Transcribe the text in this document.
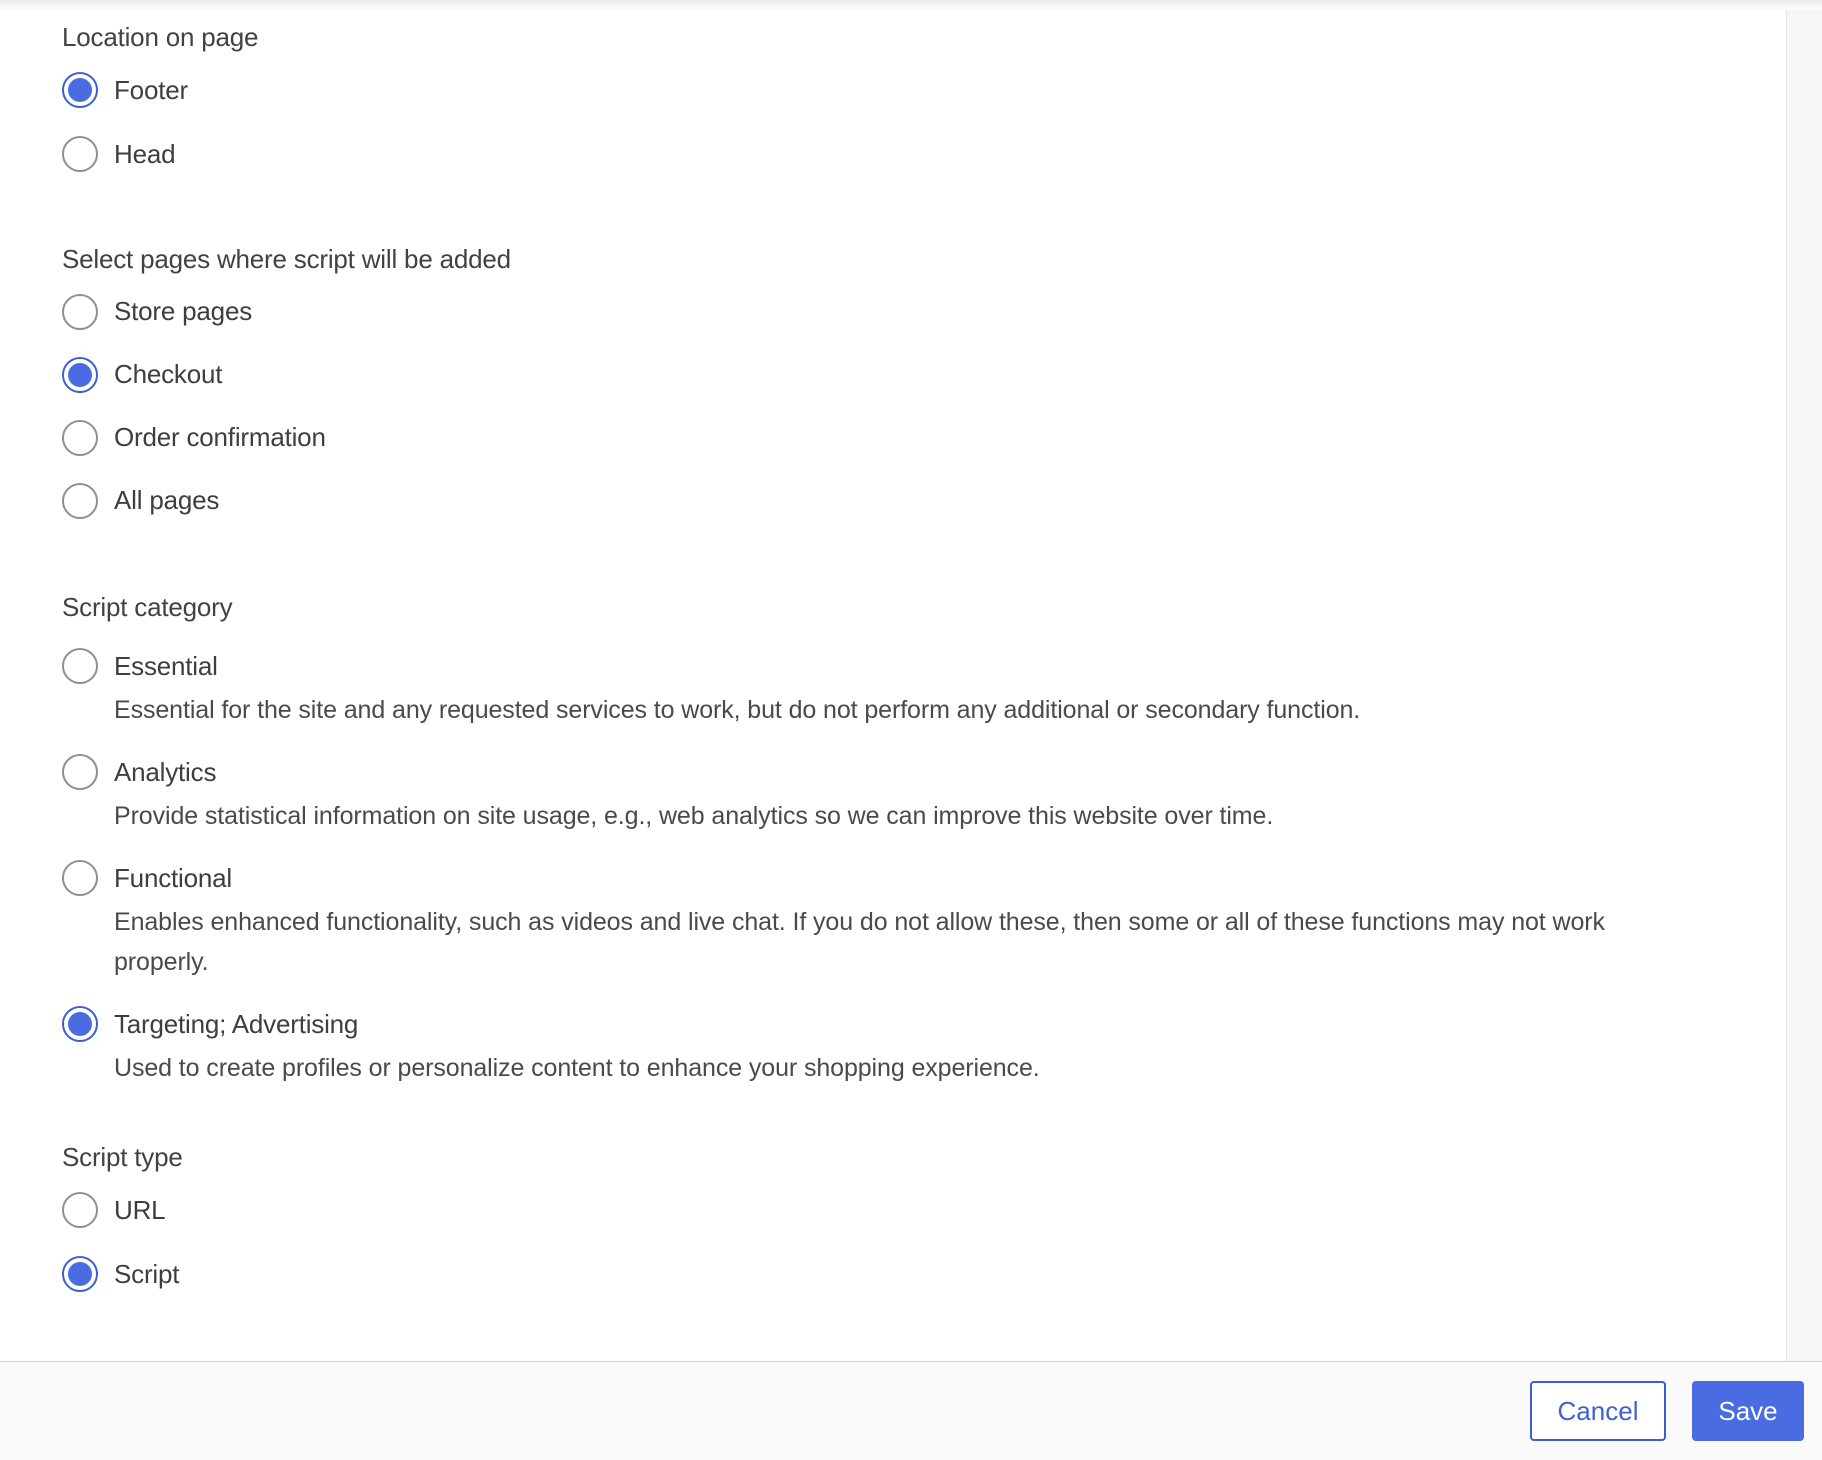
Location on page
Footer
Head
Select pages where script will be added
Store pages
Checkout
Order confirmation
All pages
Script category
Essential
Essential for the site and any requested services to work, but do not perform any additional or secondary function.
Analytics
Provide statistical information on site usage, e.g., web analytics so we can improve this website over time.
Functional
Enables enhanced functionality, such as videos and live chat. If you do not allow these, then some or all of these functions may not work properly.
Targeting; Advertising
Used to create profiles or personalize content to enhance your shopping experience.
Script type
URL
Script
Cancel	Save
